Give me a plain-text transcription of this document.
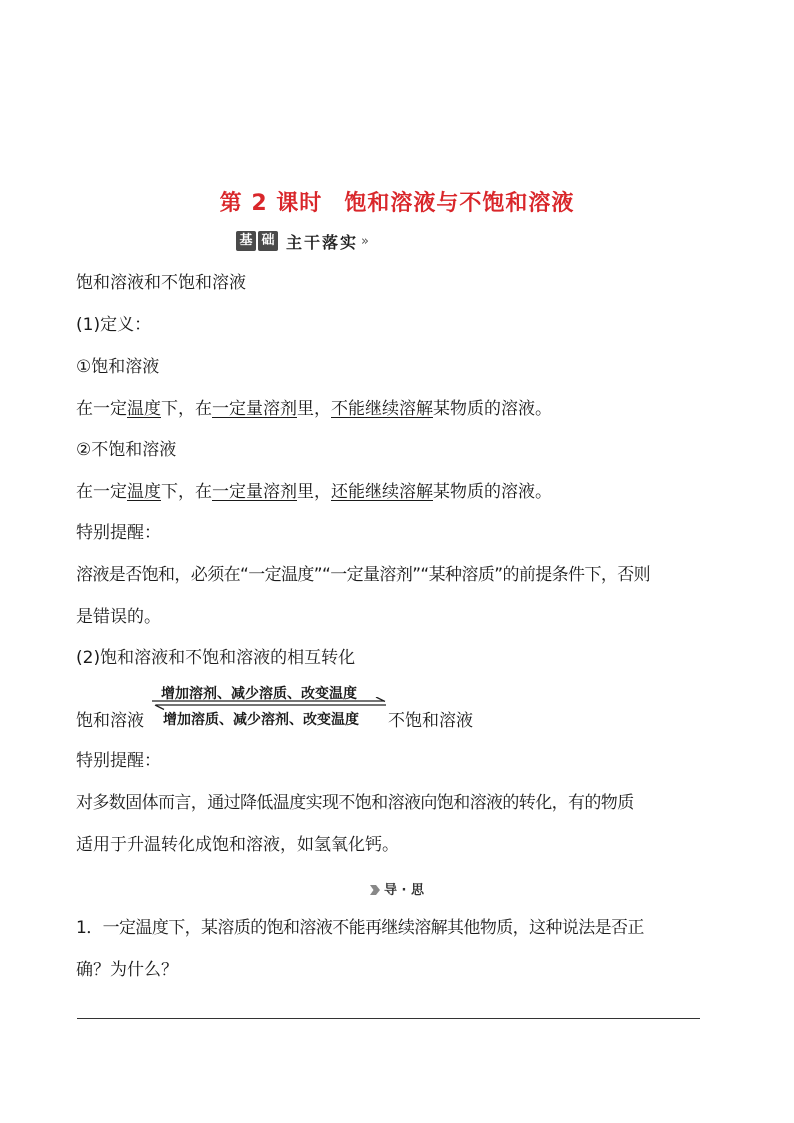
第 2 课时 饱和溶液与不饱和溶液
基 础 主干落实 »
饱和溶液和不饱和溶液
(1)定义：
①饱和溶液
在一定温度下，在一定量溶剂里，不能继续溶解某物质的溶液。
②不饱和溶液
在一定温度下，在一定量溶剂里，还能继续溶解某物质的溶液。
特别提醒：
溶液是否饱和，必须在“一定温度”“一定量溶剂”“某种溶质”的前提条件下，否则
是错误的。
(2)饱和溶液和不饱和溶液的相互转化
饱和溶液
增加溶剂、减少溶质、改变温度
增加溶质、减少溶剂、改变温度 不饱和溶液
特别提醒：
对多数固体而言，通过降低温度实现不饱和溶液向饱和溶液的转化，有的物质
适用于升温转化成饱和溶液，如氢氧化钙。
导 · 思
1．一定温度下，某溶质的饱和溶液不能再继续溶解其他物质，这种说法是否正
确？为什么？
